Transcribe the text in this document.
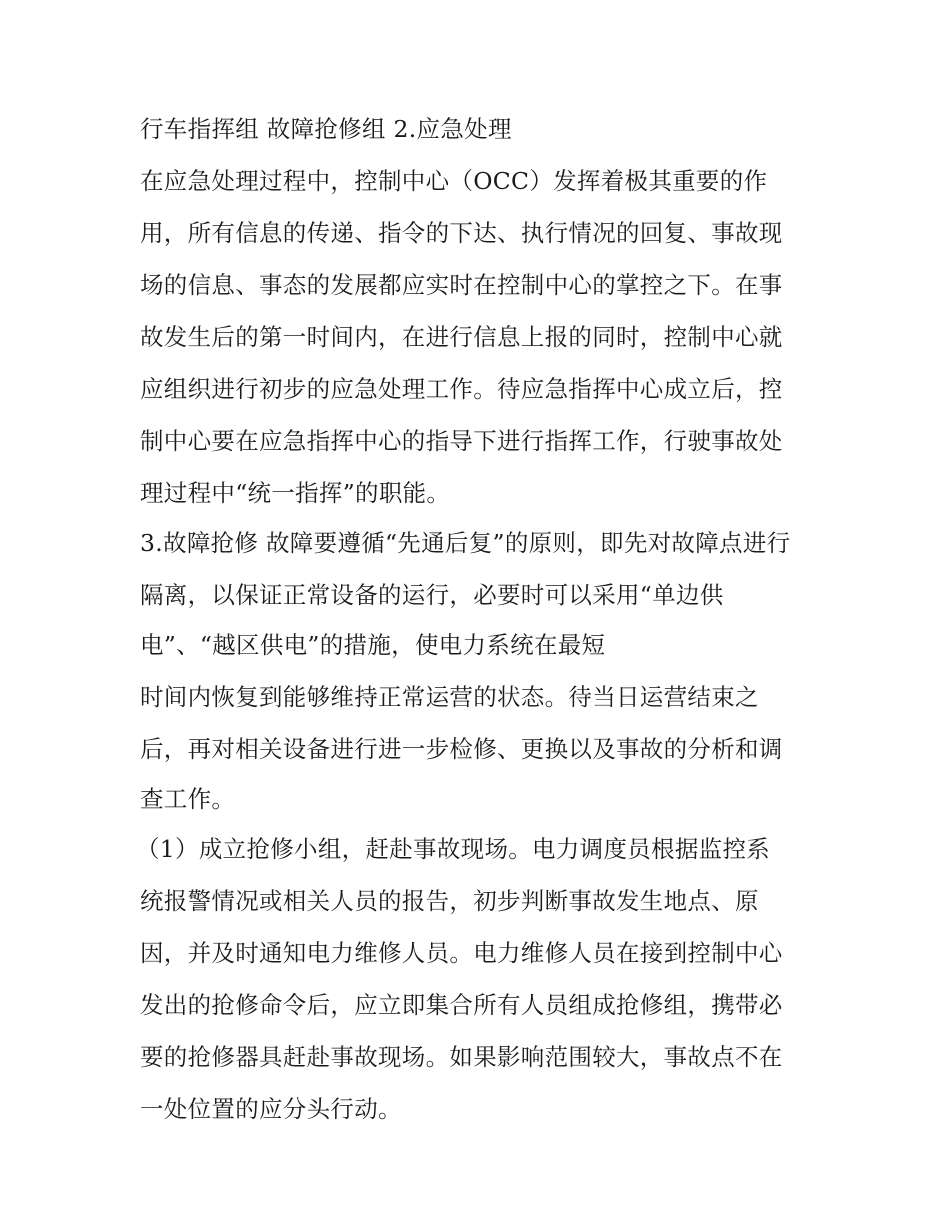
行车指挥组 故障抢修组 2.应急处理

在应急处理过程中，控制中心（OCC）发挥着极其重要的作

用，所有信息的传递、指令的下达、执行情况的回复、事故现

场的信息、事态的发展都应实时在控制中心的掌控之下。在事

故发生后的第一时间内，在进行信息上报的同时，控制中心就

应组织进行初步的应急处理工作。待应急指挥中心成立后，控

制中心要在应急指挥中心的指导下进行指挥工作，行驶事故处

理过程中“统一指挥”的职能。

3.故障抢修 故障要遵循“先通后复”的原则，即先对故障点进行

隔离，以保证正常设备的运行，必要时可以采用“单边供

电”、“越区供电”的措施，使电力系统在最短

时间内恢复到能够维持正常运营的状态。待当日运营结束之

后，再对相关设备进行进一步检修、更换以及事故的分析和调

查工作。

（1）成立抢修小组，赶赴事故现场。电力调度员根据监控系

统报警情况或相关人员的报告，初步判断事故发生地点、原

因，并及时通知电力维修人员。电力维修人员在接到控制中心

发出的抢修命令后，应立即集合所有人员组成抢修组，携带必

要的抢修器具赶赴事故现场。如果影响范围较大，事故点不在

一处位置的应分头行动。
